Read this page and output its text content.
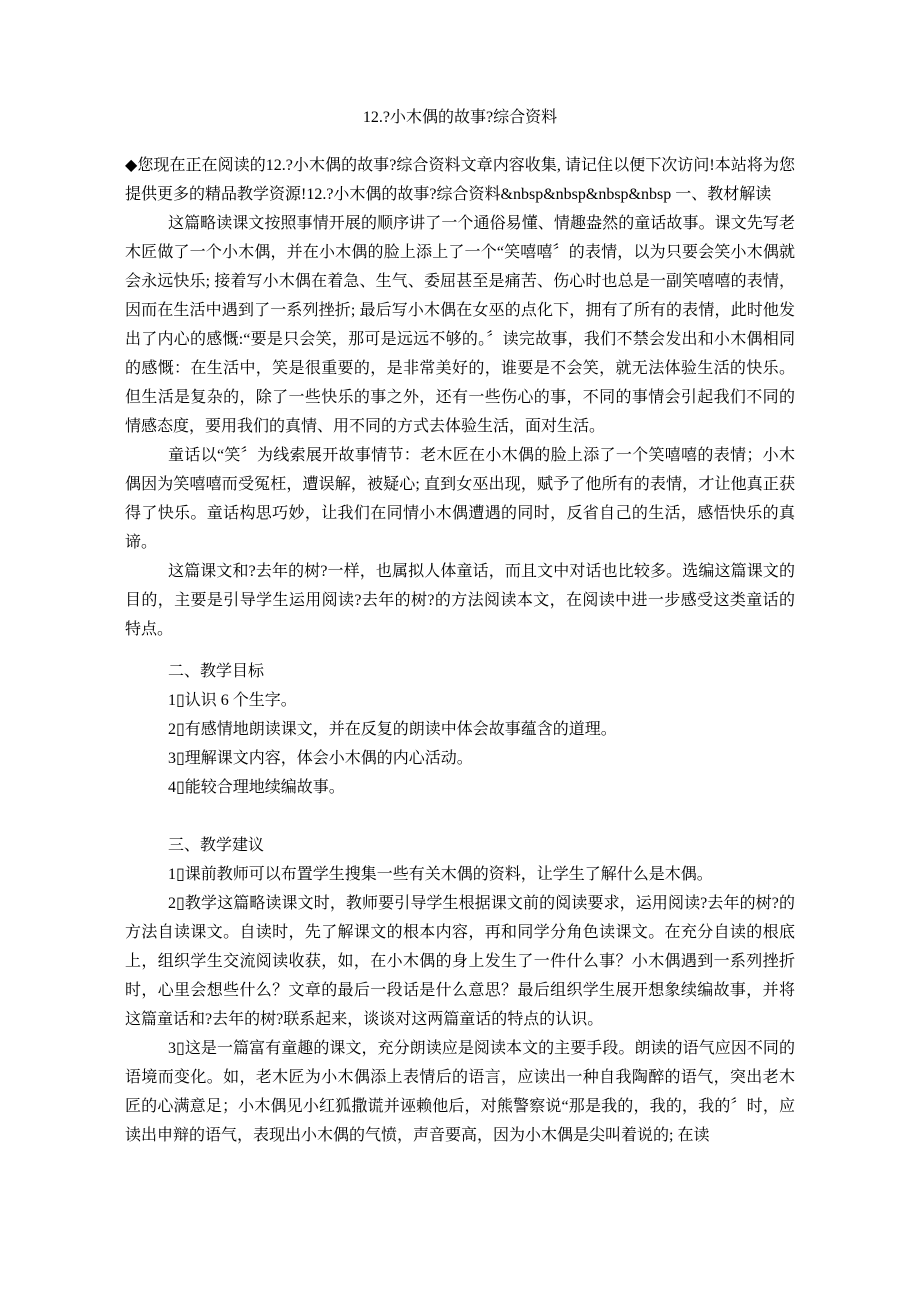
12.?小木偶的故事?综合资料

◆您现在正在阅读的12.?小木偶的故事?综合资料文章内容收集, 请记住以便下次访问!本站将为您提供更多的精品教学资源!12.?小木偶的故事?综合资料&nbsp&nbsp&nbsp&nbsp 一、教材解读

这篇略读课文按照事情开展的顺序讲了一个通俗易懂、情趣盎然的童话故事。课文先写老木匠做了一个小木偶，并在小木偶的脸上添上了一个“笑嘻嘻〞的表情，以为只要会笑小木偶就会永远快乐; 接着写小木偶在着急、生气、委屈甚至是痛苦、伤心时也总是一副笑嘻嘻的表情，因而在生活中遇到了一系列挫折; 最后写小木偶在女巫的点化下，拥有了所有的表情，此时他发出了内心的感慨:“要是只会笑，那可是远远不够的。〞读完故事，我们不禁会发出和小木偶相同的感慨：在生活中，笑是很重要的，是非常美好的，谁要是不会笑，就无法体验生活的快乐。但生活是复杂的，除了一些快乐的事之外，还有一些伤心的事，不同的事情会引起我们不同的情感态度，要用我们的真情、用不同的方式去体验生活，面对生活。

童话以“笑〞为线索展开故事情节：老木匠在小木偶的脸上添了一个笑嘻嘻的表情；小木偶因为笑嘻嘻而受冤枉，遭误解，被疑心; 直到女巫出现，赋予了他所有的表情，才让他真正获得了快乐。童话构思巧妙，让我们在同情小木偶遭遇的同时，反省自己的生活，感悟快乐的真谛。

这篇课文和?去年的树?一样，也属拟人体童话，而且文中对话也比较多。选编这篇课文的目的，主要是引导学生运用阅读?去年的树?的方法阅读本文，在阅读中进一步感受这类童话的特点。

二、教学目标

1▯认识 6 个生字。

2▯有感情地朗读课文，并在反复的朗读中体会故事蕴含的道理。

3▯理解课文内容，体会小木偶的内心活动。

4▯能较合理地续编故事。

三、教学建议

1▯课前教师可以布置学生搜集一些有关木偶的资料，让学生了解什么是木偶。

2▯教学这篇略读课文时，教师要引导学生根据课文前的阅读要求，运用阅读?去年的树?的方法自读课文。自读时，先了解课文的根本内容，再和同学分角色读课文。在充分自读的根底上，组织学生交流阅读收获，如，在小木偶的身上发生了一件什么事？小木偶遇到一系列挫折时，心里会想些什么？文章的最后一段话是什么意思？最后组织学生展开想象续编故事，并将这篇童话和?去年的树?联系起来，谈谈对这两篇童话的特点的认识。

3▯这是一篇富有童趣的课文，充分朗读应是阅读本文的主要手段。朗读的语气应因不同的语境而变化。如，老木匠为小木偶添上表情后的语言，应读出一种自我陶醉的语气，突出老木匠的心满意足；小木偶见小红狐撒谎并诬赖他后，对熊警察说“那是我的，我的，我的〞时，应读出申辩的语气，表现出小木偶的气愤，声音要高，因为小木偶是尖叫着说的; 在读
